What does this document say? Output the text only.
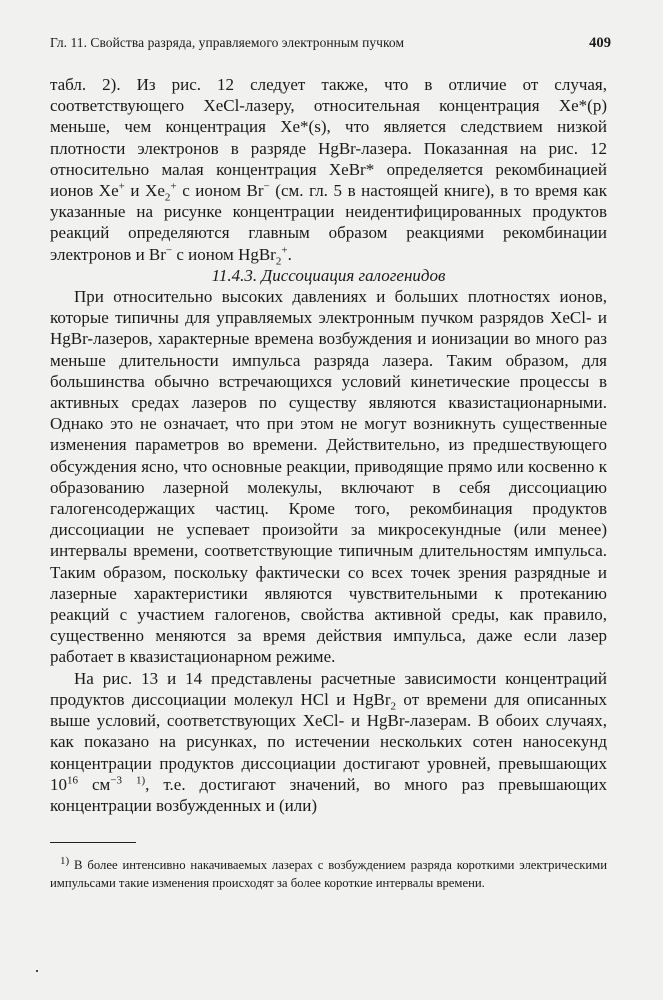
Гл. 11. Свойства разряда, управляемого электронным пучком	409

табл. 2). Из рис. 12 следует также, что в отличие от случая, соответствующего XeCl-лазеру, относительная концентрация Xe*(p) меньше, чем концентрация Xe*(s), что является следствием низкой плотности электронов в разряде HgBr-лазера. Показанная на рис. 12 относительно малая концентрация XeBr* определяется рекомбинацией ионов Xe+ и $Xe_2^+$ с ионом Br− (см. гл. 5 в настоящей книге), в то время как указанные на рисунке концентрации неидентифицированных продуктов реакций определяются главным образом реакциями рекомбинации электронов и Br− с ионом HgBr$_2$+.

11.4.3. Диссоциация галогенидов

При относительно высоких давлениях и больших плотностях ионов, которые типичны для управляемых электронным пучком разрядов XeCl- и HgBr-лазеров, характерные времена возбуждения и ионизации во много раз меньше длительности импульса разряда лазера. Таким образом, для большинства обычно встречающихся условий кинетические процессы в активных средах лазеров по существу являются квазистационарными. Однако это не означает, что при этом не могут возникнуть существенные изменения параметров во времени. Действительно, из предшествующего обсуждения ясно, что основные реакции, приводящие прямо или косвенно к образованию лазерной молекулы, включают в себя диссоциацию галогенсодержащих частиц. Кроме того, рекомбинация продуктов диссоциации не успевает произойти за микросекундные (или менее) интервалы времени, соответствующие типичным длительностям импульса. Таким образом, поскольку фактически со всех точек зрения разрядные и лазерные характеристики являются чувствительными к протеканию реакций с участием галогенов, свойства активной среды, как правило, существенно меняются за время действия импульса, даже если лазер работает в квазистационарном режиме.

На рис. 13 и 14 представлены расчетные зависимости концентраций продуктов диссоциации молекул HCl и HgBr$_2$ от времени для описанных выше условий, соответствующих XeCl- и HgBr-лазерам. В обоих случаях, как показано на рисунках, по истечении нескольких сотен наносекунд концентрации продуктов диссоциации достигают уровней, превышающих $10^{16}$ $см^{-3}$ $^{1)}$, т.е. достигают значений, во много раз превышающих концентрации возбужденных и (или)

$^{1)}$ В более интенсивно накачиваемых лазерах с возбуждением разряда короткими электрическими импульсами такие изменения происходят за более короткие интервалы времени.
